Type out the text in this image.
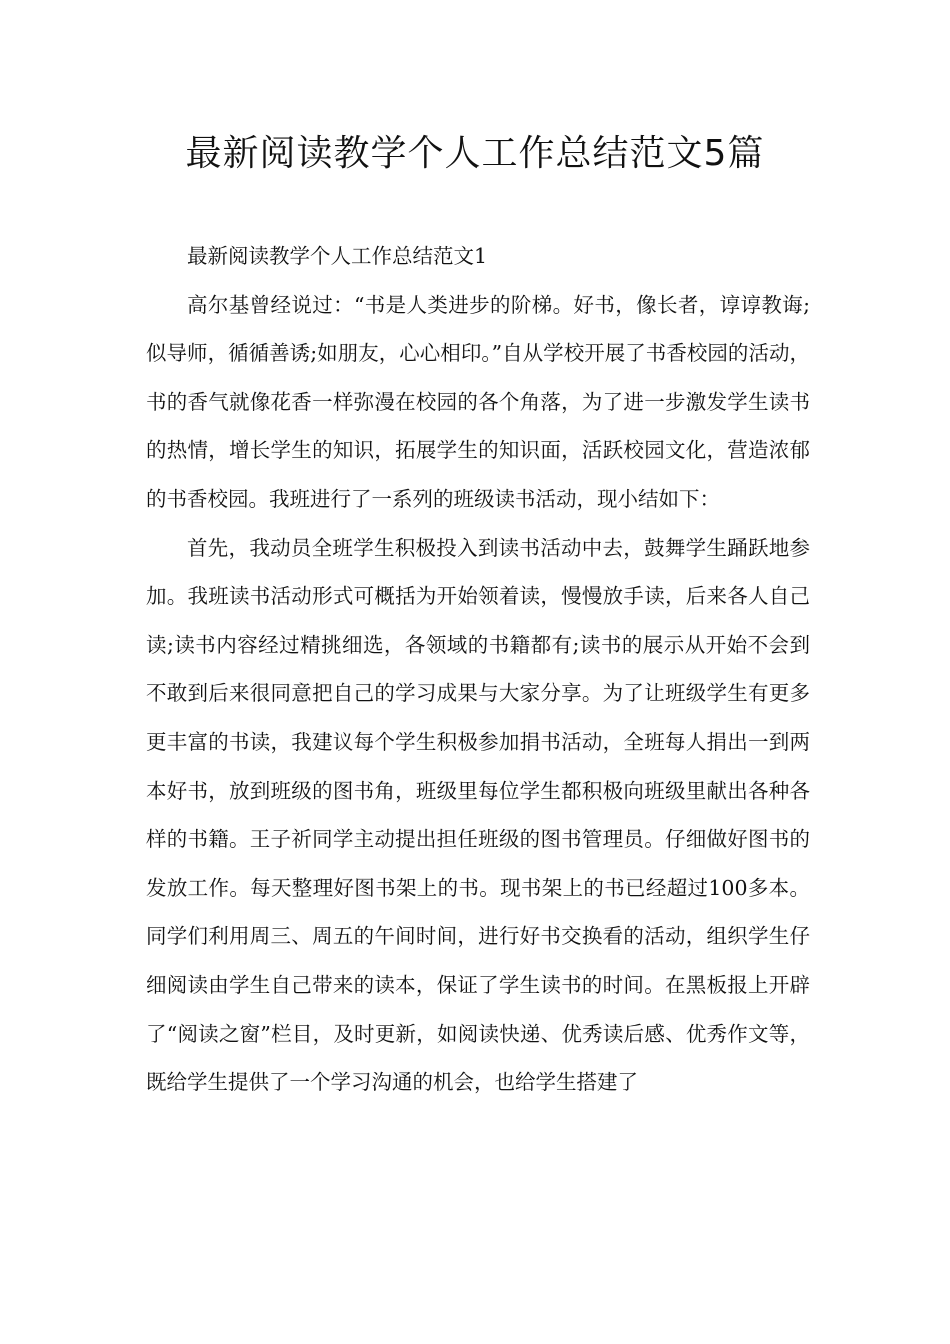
最新阅读教学个人工作总结范文5篇

最新阅读教学个人工作总结范文1

高尔基曾经说过：“书是人类进步的阶梯。好书，像长者，谆谆教诲;似导师，循循善诱;如朋友，心心相印。”自从学校开展了书香校园的活动，书的香气就像花香一样弥漫在校园的各个角落，为了进一步激发学生读书的热情，增长学生的知识，拓展学生的知识面，活跃校园文化，营造浓郁的书香校园。我班进行了一系列的班级读书活动，现小结如下：

首先，我动员全班学生积极投入到读书活动中去，鼓舞学生踊跃地参加。我班读书活动形式可概括为开始领着读，慢慢放手读，后来各人自己读;读书内容经过精挑细选，各领域的书籍都有;读书的展示从开始不会到不敢到后来很同意把自己的学习成果与大家分享。为了让班级学生有更多更丰富的书读，我建议每个学生积极参加捐书活动，全班每人捐出一到两本好书，放到班级的图书角，班级里每位学生都积极向班级里献出各种各样的书籍。王子祈同学主动提出担任班级的图书管理员。仔细做好图书的发放工作。每天整理好图书架上的书。现书架上的书已经超过100多本。同学们利用周三、周五的午间时间，进行好书交换看的活动，组织学生仔细阅读由学生自己带来的读本，保证了学生读书的时间。在黑板报上开辟了“阅读之窗”栏目，及时更新，如阅读快递、优秀读后感、优秀作文等，既给学生提供了一个学习沟通的机会，也给学生搭建了
